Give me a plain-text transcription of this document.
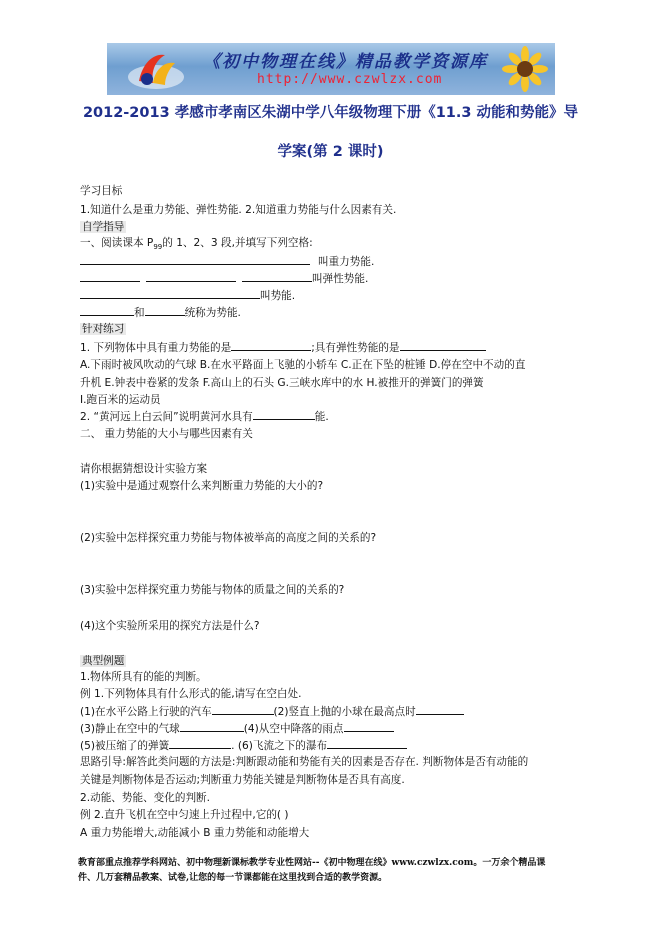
《初中物理在线》精品教学资源库
http://www.czwlzx.com
2012-2013 孝感市孝南区朱湖中学八年级物理下册《11.3 动能和势能》导
学案(第 2 课时)
学习目标
1.知道什么是重力势能、弹性势能. 2.知道重力势能与什么因素有关.
自学指导
一、阅读课本 $P_{99}$的 1、2、3 段,并填写下列空格:
叫重力势能.
叫弹性势能.
叫势能.
和	统称为势能.
针对练习
1. 下列物体中具有重力势能的是	;具有弹性势能的是
A.下雨时被风吹动的气球 B.在水平路面上飞驰的小轿车 C.正在下坠的桩锤 D.停在空中不动的直
升机 E.钟表中卷紧的发条 F.高山上的石头 G.三峡水库中的水 H.被推开的弹簧门的弹簧
I.跑百米的运动员
2. “黄河远上白云间”说明黄河水具有	能.
二、 重力势能的大小与哪些因素有关
请你根据猜想设计实验方案
(1)实验中是通过观察什么来判断重力势能的大小的?
(2)实验中怎样探究重力势能与物体被举高的高度之间的关系的?
(3)实验中怎样探究重力势能与物体的质量之间的关系的?
(4)这个实验所采用的探究方法是什么?
典型例题
1.物体所具有的能的判断。
例 1.下列物体具有什么形式的能,请写在空白处.
(1)在水平公路上行驶的汽车	(2)竖直上抛的小球在最高点时
(3)静止在空中的气球	(4)从空中降落的雨点
(5)被压缩了的弹簧	. (6)飞流之下的瀑布
思路引导:解答此类问题的方法是:判断跟动能和势能有关的因素是否存在. 判断物体是否有动能的
关键是判断物体是否运动;判断重力势能关键是判断物体是否具有高度.
2.动能、势能、变化的判断.
例 2.直升飞机在空中匀速上升过程中,它的( )
A 重力势能增大,动能减小 B 重力势能和动能增大
教育部重点推荐学科网站、初中物理新课标教学专业性网站--《初中物理在线》www.czwlzx.com。一万余个精品课
件、几万套精品教案、试卷,让您的每一节课都能在这里找到合适的教学资源。
